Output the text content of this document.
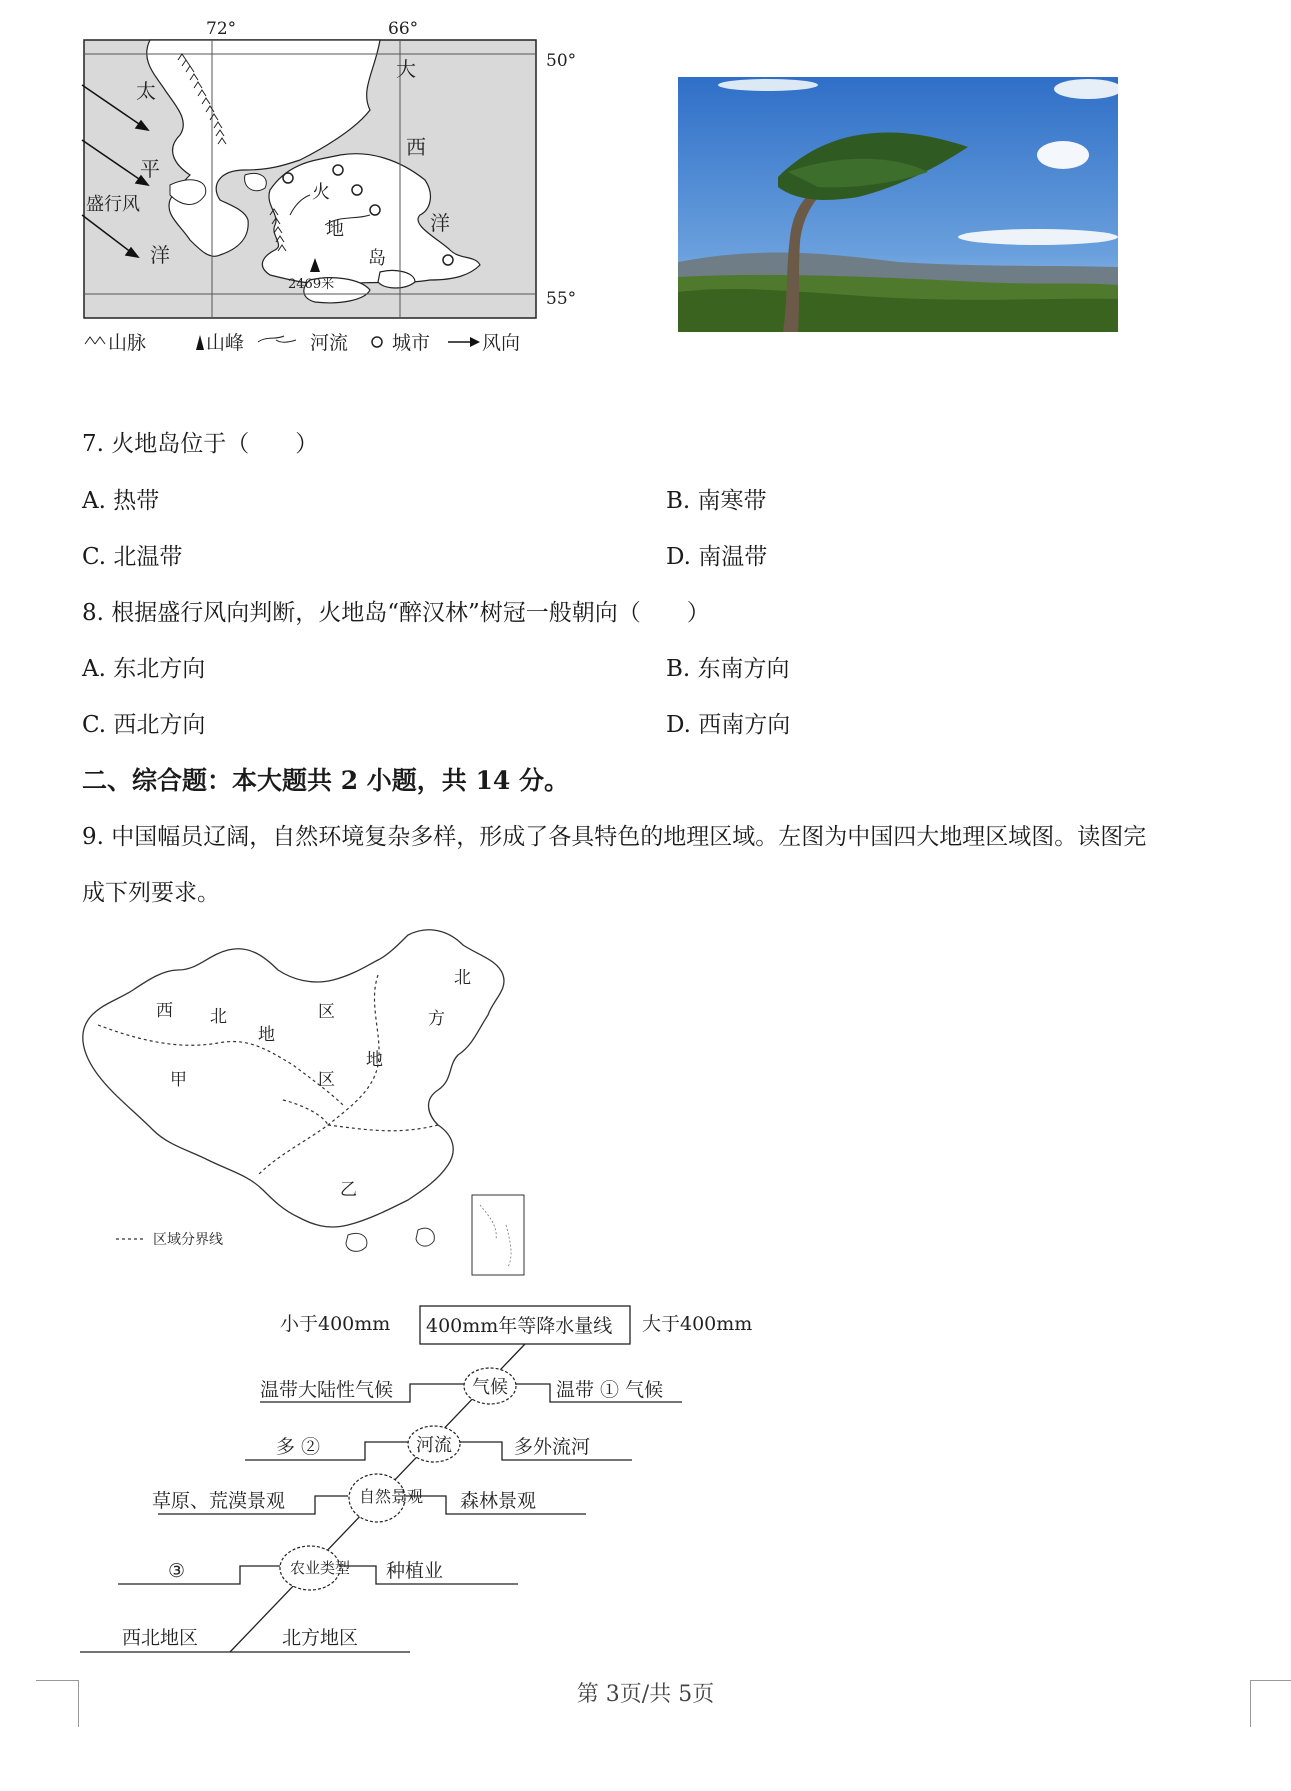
72°	66°
50°
55°
2469米
太
平
洋
盛行风
大
西
洋
火
地
岛
山脉	山峰	河流 城市	风向
7. 火地岛位于（　　）
A. 热带	B. 南寒带
C. 北温带	D. 南温带
8. 根据盛行风向判断，火地岛“醉汉林”树冠一般朝向（　　）
A. 东北方向	B. 东南方向
C. 西北方向	D. 西南方向
二、综合题：本大题共 2 小题，共 14 分。
9. 中国幅员辽阔，自然环境复杂多样，形成了各具特色的地理区域。左图为中国四大地理区域图。读图完
成下列要求。
西 北
地
区
北
方
地
区
甲
乙
区域分界线
小于400mm 400mm年等降水量线 大于400mm
气候
温带大陆性气候	温带 ① 气候
河流
多 ②	多外流河
自然景观
草原、荒漠景观	森林景观
农业类型
③	种植业
西北地区	北方地区
第 3页/共 5页
